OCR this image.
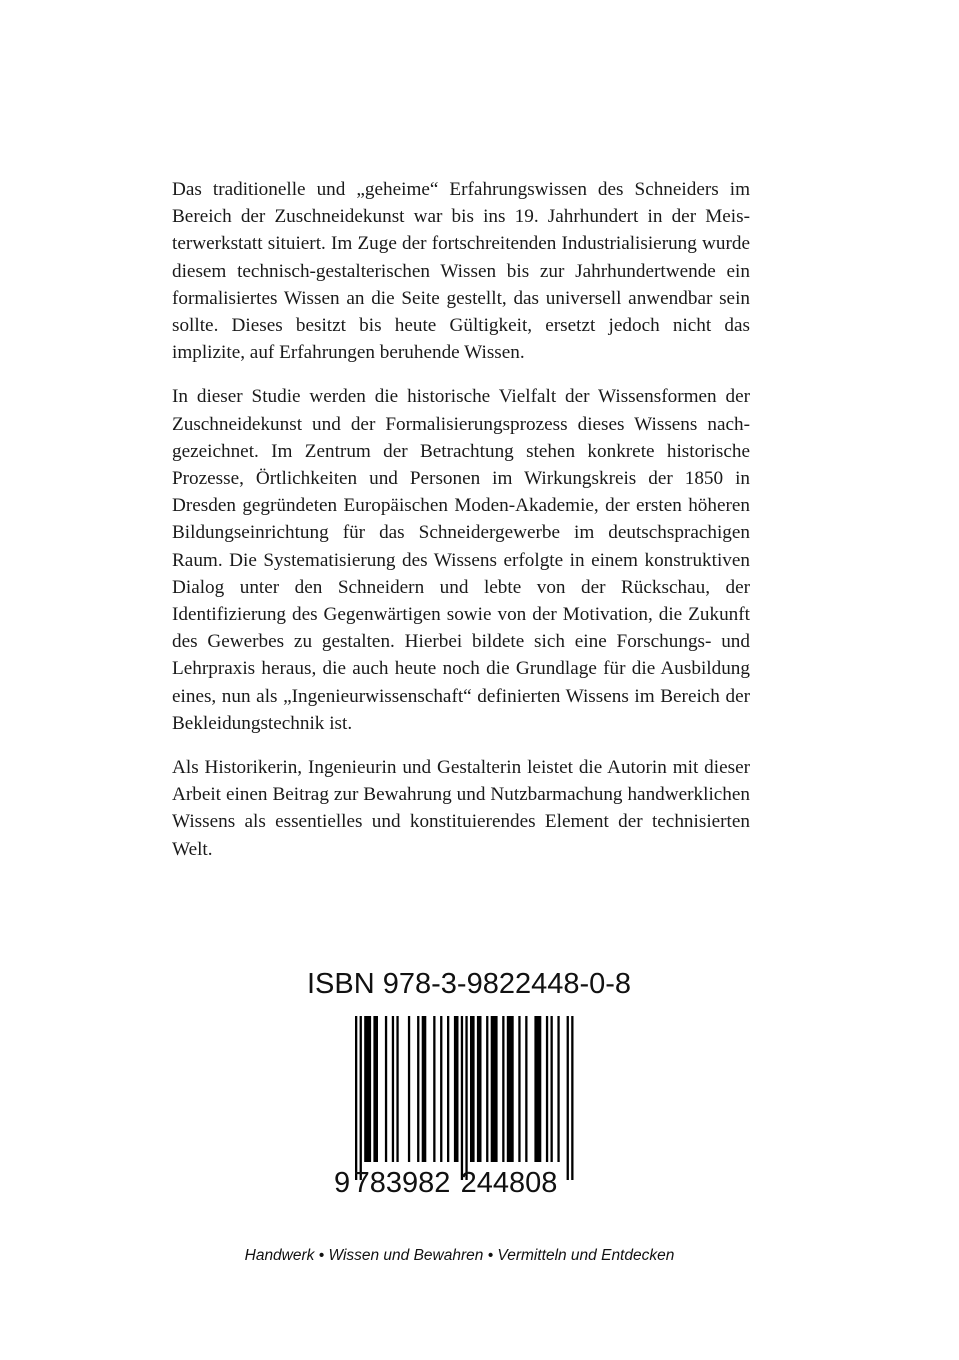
Das traditionelle und „geheime“ Erfahrungswissen des Schneiders im Bereich der Zuschneidekunst war bis ins 19. Jahrhundert in der Meisterwerkstatt situiert. Im Zuge der fortschreitenden Industrialisierung wurde diesem technisch-gestalterischen Wissen bis zur Jahrhundertwende ein formalisiertes Wissen an die Seite gestellt, das universell anwendbar sein sollte. Dieses besitzt bis heute Gültigkeit, ersetzt jedoch nicht das implizite, auf Erfahrungen beruhende Wissen.

In dieser Studie werden die historische Vielfalt der Wissensformen der Zuschneidekunst und der Formalisierungsprozess dieses Wissens nachgezeichnet. Im Zentrum der Betrachtung stehen konkrete historische Prozesse, Örtlichkeiten und Personen im Wirkungskreis der 1850 in Dresden gegründeten Europäischen Moden-Akademie, der ersten höheren Bildungseinrichtung für das Schneidergewerbe im deutschsprachigen Raum. Die Systematisierung des Wissens erfolgte in einem konstruktiven Dialog unter den Schneidern und lebte von der Rückschau, der Identifizierung des Gegenwärtigen sowie von der Motivation, die Zukunft des Gewerbes zu gestalten. Hierbei bildete sich eine Forschungs- und Lehrpraxis heraus, die auch heute noch die Grundlage für die Ausbildung eines, nun als „Ingenieurwissenschaft“ definierten Wissens im Bereich der Bekleidungstechnik ist.

Als Historikerin, Ingenieurin und Gestalterin leistet die Autorin mit dieser Arbeit einen Beitrag zur Bewahrung und Nutzbarmachung handwerklichen Wissens als essentielles und konstituierendes Element der technisierten Welt.

ISBN 978-3-9822448-0-8
9 783982 244808
Handwerk • Wissen und Bewahren • Vermitteln und Entdecken
